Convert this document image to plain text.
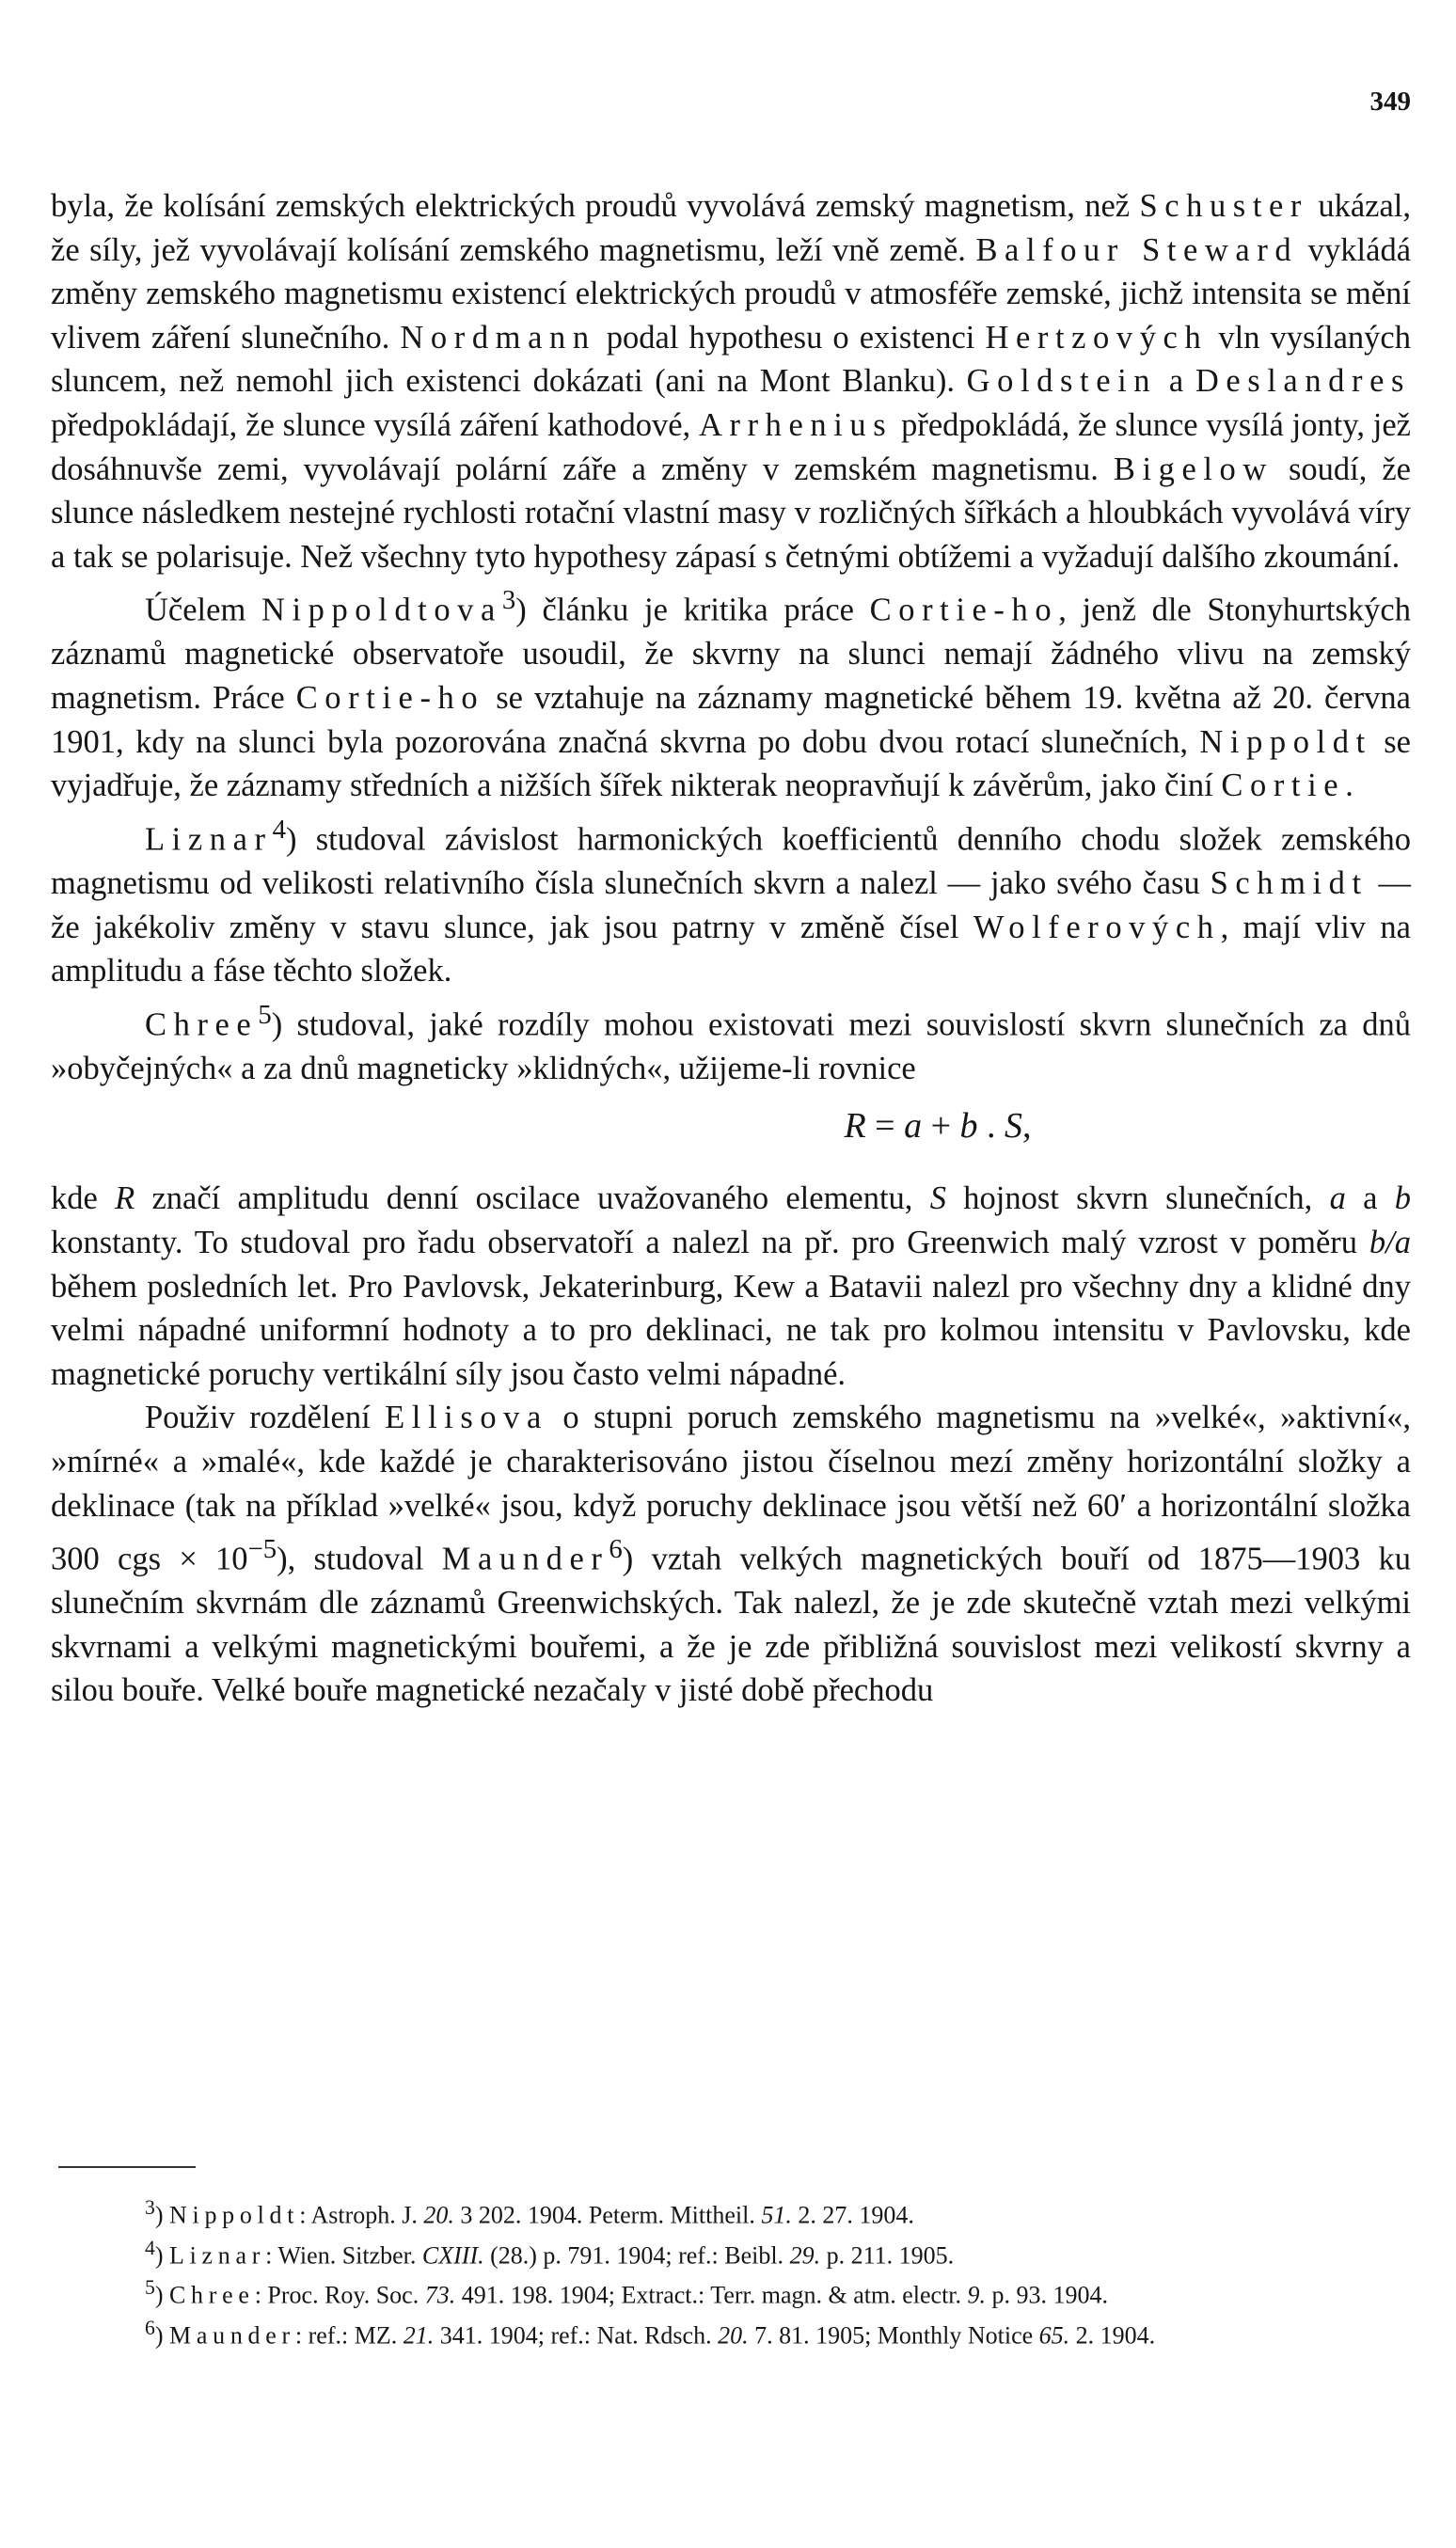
349

byla, že kolísání zemských elektrických proudů vyvolává zemský magnetism, než Schuster ukázal, že síly, jež vyvolávají kolísání zemského magnetismu, leží vně země. Balfour Steward vykládá změny zemského magnetismu existencí elektrických proudů v atmosféře zemské, jichž intensita se mění vlivem záření slunečního. Nordmann podal hypothesu o existenci Hertzových vln vysílaných sluncem, než nemohl jich existenci dokázati (ani na Mont Blanku). Goldstein a Deslandres předpokládají, že slunce vysílá záření kathodové, Arrhenius předpokládá, že slunce vysílá jonty, jež dosáhnuvše zemi, vyvolávají polární záře a změny v zemském magnetismu. Bigelow soudí, že slunce následkem nestejné rychlosti rotační vlastní masy v rozličných šířkách a hloubkách vyvolává víry a tak se polarisuje. Než všechny tyto hypothesy zápasí s četnými obtížemi a vyžadují dalšího zkoumání.

Účelem Nippoldtova$^3$) článku je kritika práce Cortie-ho, jenž dle Stonyhurtských záznamů magnetické observatoře usoudil, že skvrny na slunci nemají žádného vlivu na zemský magnetism. Práce Cortie-ho se vztahuje na záznamy magnetické během 19. května až 20. června 1901, kdy na slunci byla pozorována značná skvrna po dobu dvou rotací slunečních, Nippoldt se vyjadřuje, že záznamy středních a nižších šířek nikterak neopravňují k závěrům, jako činí Cortie.

Liznar$^4$) studoval závislost harmonických koefficientů denního chodu složek zemského magnetismu od velikosti relativního čísla slunečních skvrn a nalezl — jako svého času Schmidt — že jakékoliv změny v stavu slunce, jak jsou patrny v změně čísel Wolferových, mají vliv na amplitudu a fáse těchto složek.

Chree$^5$) studoval, jaké rozdíly mohou existovati mezi souvislostí skvrn slunečních za dnů »obyčejných« a za dnů magneticky »klidných«, užijeme-li rovnice

R = a + b . S,

kde R značí amplitudu denní oscilace uvažovaného elementu, S hojnost skvrn slunečních, a a b konstanty. To studoval pro řadu observatoří a nalezl na př. pro Greenwich malý vzrost v poměru b/a během posledních let. Pro Pavlovsk, Jekaterinburg, Kew a Batavii nalezl pro všechny dny a klidné dny velmi nápadné uniformní hodnoty a to pro deklinaci, ne tak pro kolmou intensitu v Pavlovsku, kde magnetické poruchy vertikální síly jsou často velmi nápadné.

Použiv rozdělení Ellisova o stupni poruch zemského magnetismu na »velké«, »aktivní«, »mírné« a »malé«, kde každé je charakterisováno jistou číselnou mezí změny horizontální složky a deklinace (tak na příklad »velké« jsou, když poruchy deklinace jsou větší než 60′ a horizontální složka 300 cgs × $10^{-5}$), studoval Maunder$^6$) vztah velkých magnetických bouří od 1875—1903 ku slunečním skvrnám dle záznamů Greenwichských. Tak nalezl, že je zde skutečně vztah mezi velkými skvrnami a velkými magnetickými bouřemi, a že je zde přibližná souvislost mezi velikostí skvrny a silou bouře. Velké bouře magnetické nezačaly v jisté době přechodu

$^3$) Nippoldt: Astroph. J. 20. 3 202. 1904. Peterm. Mittheil. 51. 2. 27. 1904.

$^4$) Liznar: Wien. Sitzber. CXIII. (28.) p. 791. 1904; ref.: Beibl. 29. p. 211. 1905.

$^5$) Chree: Proc. Roy. Soc. 73. 491. 198. 1904; Extract.: Terr. magn. & atm. electr. 9. p. 93. 1904.

$^6$) Maunder: ref.: MZ. 21. 341. 1904; ref.: Nat. Rdsch. 20. 7. 81. 1905; Monthly Notice 65. 2. 1904.
